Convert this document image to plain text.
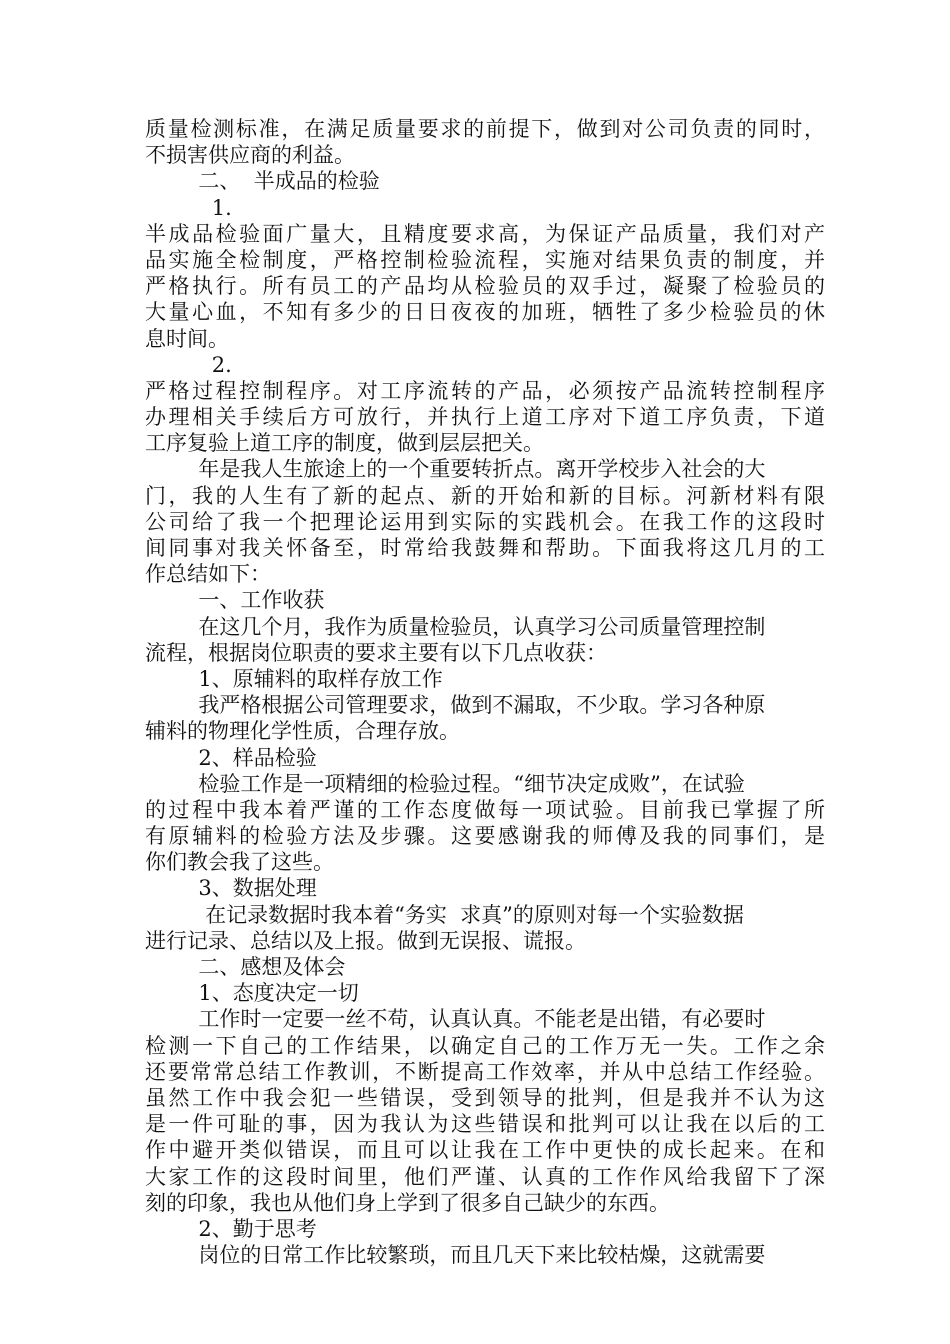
质量检测标准，在满足质量要求的前提下，做到对公司负责的同时，
不损害供应商的利益。
二、  半成品的检验
1.
半成品检验面广量大，且精度要求高，为保证产品质量，我们对产
品实施全检制度，严格控制检验流程，实施对结果负责的制度，并
严格执行。所有员工的产品均从检验员的双手过，凝聚了检验员的
大量心血，不知有多少的日日夜夜的加班，牺牲了多少检验员的休
息时间。
2.
严格过程控制程序。对工序流转的产品，必须按产品流转控制程序
办理相关手续后方可放行，并执行上道工序对下道工序负责，下道
工序复验上道工序的制度，做到层层把关。
年是我人生旅途上的一个重要转折点。离开学校步入社会的大
门，我的人生有了新的起点、新的开始和新的目标。河新材料有限
公司给了我一个把理论运用到实际的实践机会。在我工作的这段时
间同事对我关怀备至，时常给我鼓舞和帮助。下面我将这几月的工
作总结如下：
一、工作收获
在这几个月，我作为质量检验员，认真学习公司质量管理控制
流程，根据岗位职责的要求主要有以下几点收获：
1、原辅料的取样存放工作
我严格根据公司管理要求，做到不漏取，不少取。学习各种原
辅料的物理化学性质，合理存放。
2、样品检验
检验工作是一项精细的检验过程。“细节决定成败”，在试验
的过程中我本着严谨的工作态度做每一项试验。目前我已掌握了所
有原辅料的检验方法及步骤。这要感谢我的师傅及我的同事们，是
你们教会我了这些。
3、数据处理
在记录数据时我本着“务实  求真”的原则对每一个实验数据
进行记录、总结以及上报。做到无误报、谎报。
二、感想及体会
1、态度决定一切
工作时一定要一丝不苟，认真认真。不能老是出错，有必要时
检测一下自己的工作结果，以确定自己的工作万无一失。工作之余
还要常常总结工作教训，不断提高工作效率，并从中总结工作经验。
虽然工作中我会犯一些错误，受到领导的批判，但是我并不认为这
是一件可耻的事，因为我认为这些错误和批判可以让我在以后的工
作中避开类似错误，而且可以让我在工作中更快的成长起来。在和
大家工作的这段时间里，他们严谨、认真的工作作风给我留下了深
刻的印象，我也从他们身上学到了很多自己缺少的东西。
2、勤于思考
岗位的日常工作比较繁琐，而且几天下来比较枯燥，这就需要
